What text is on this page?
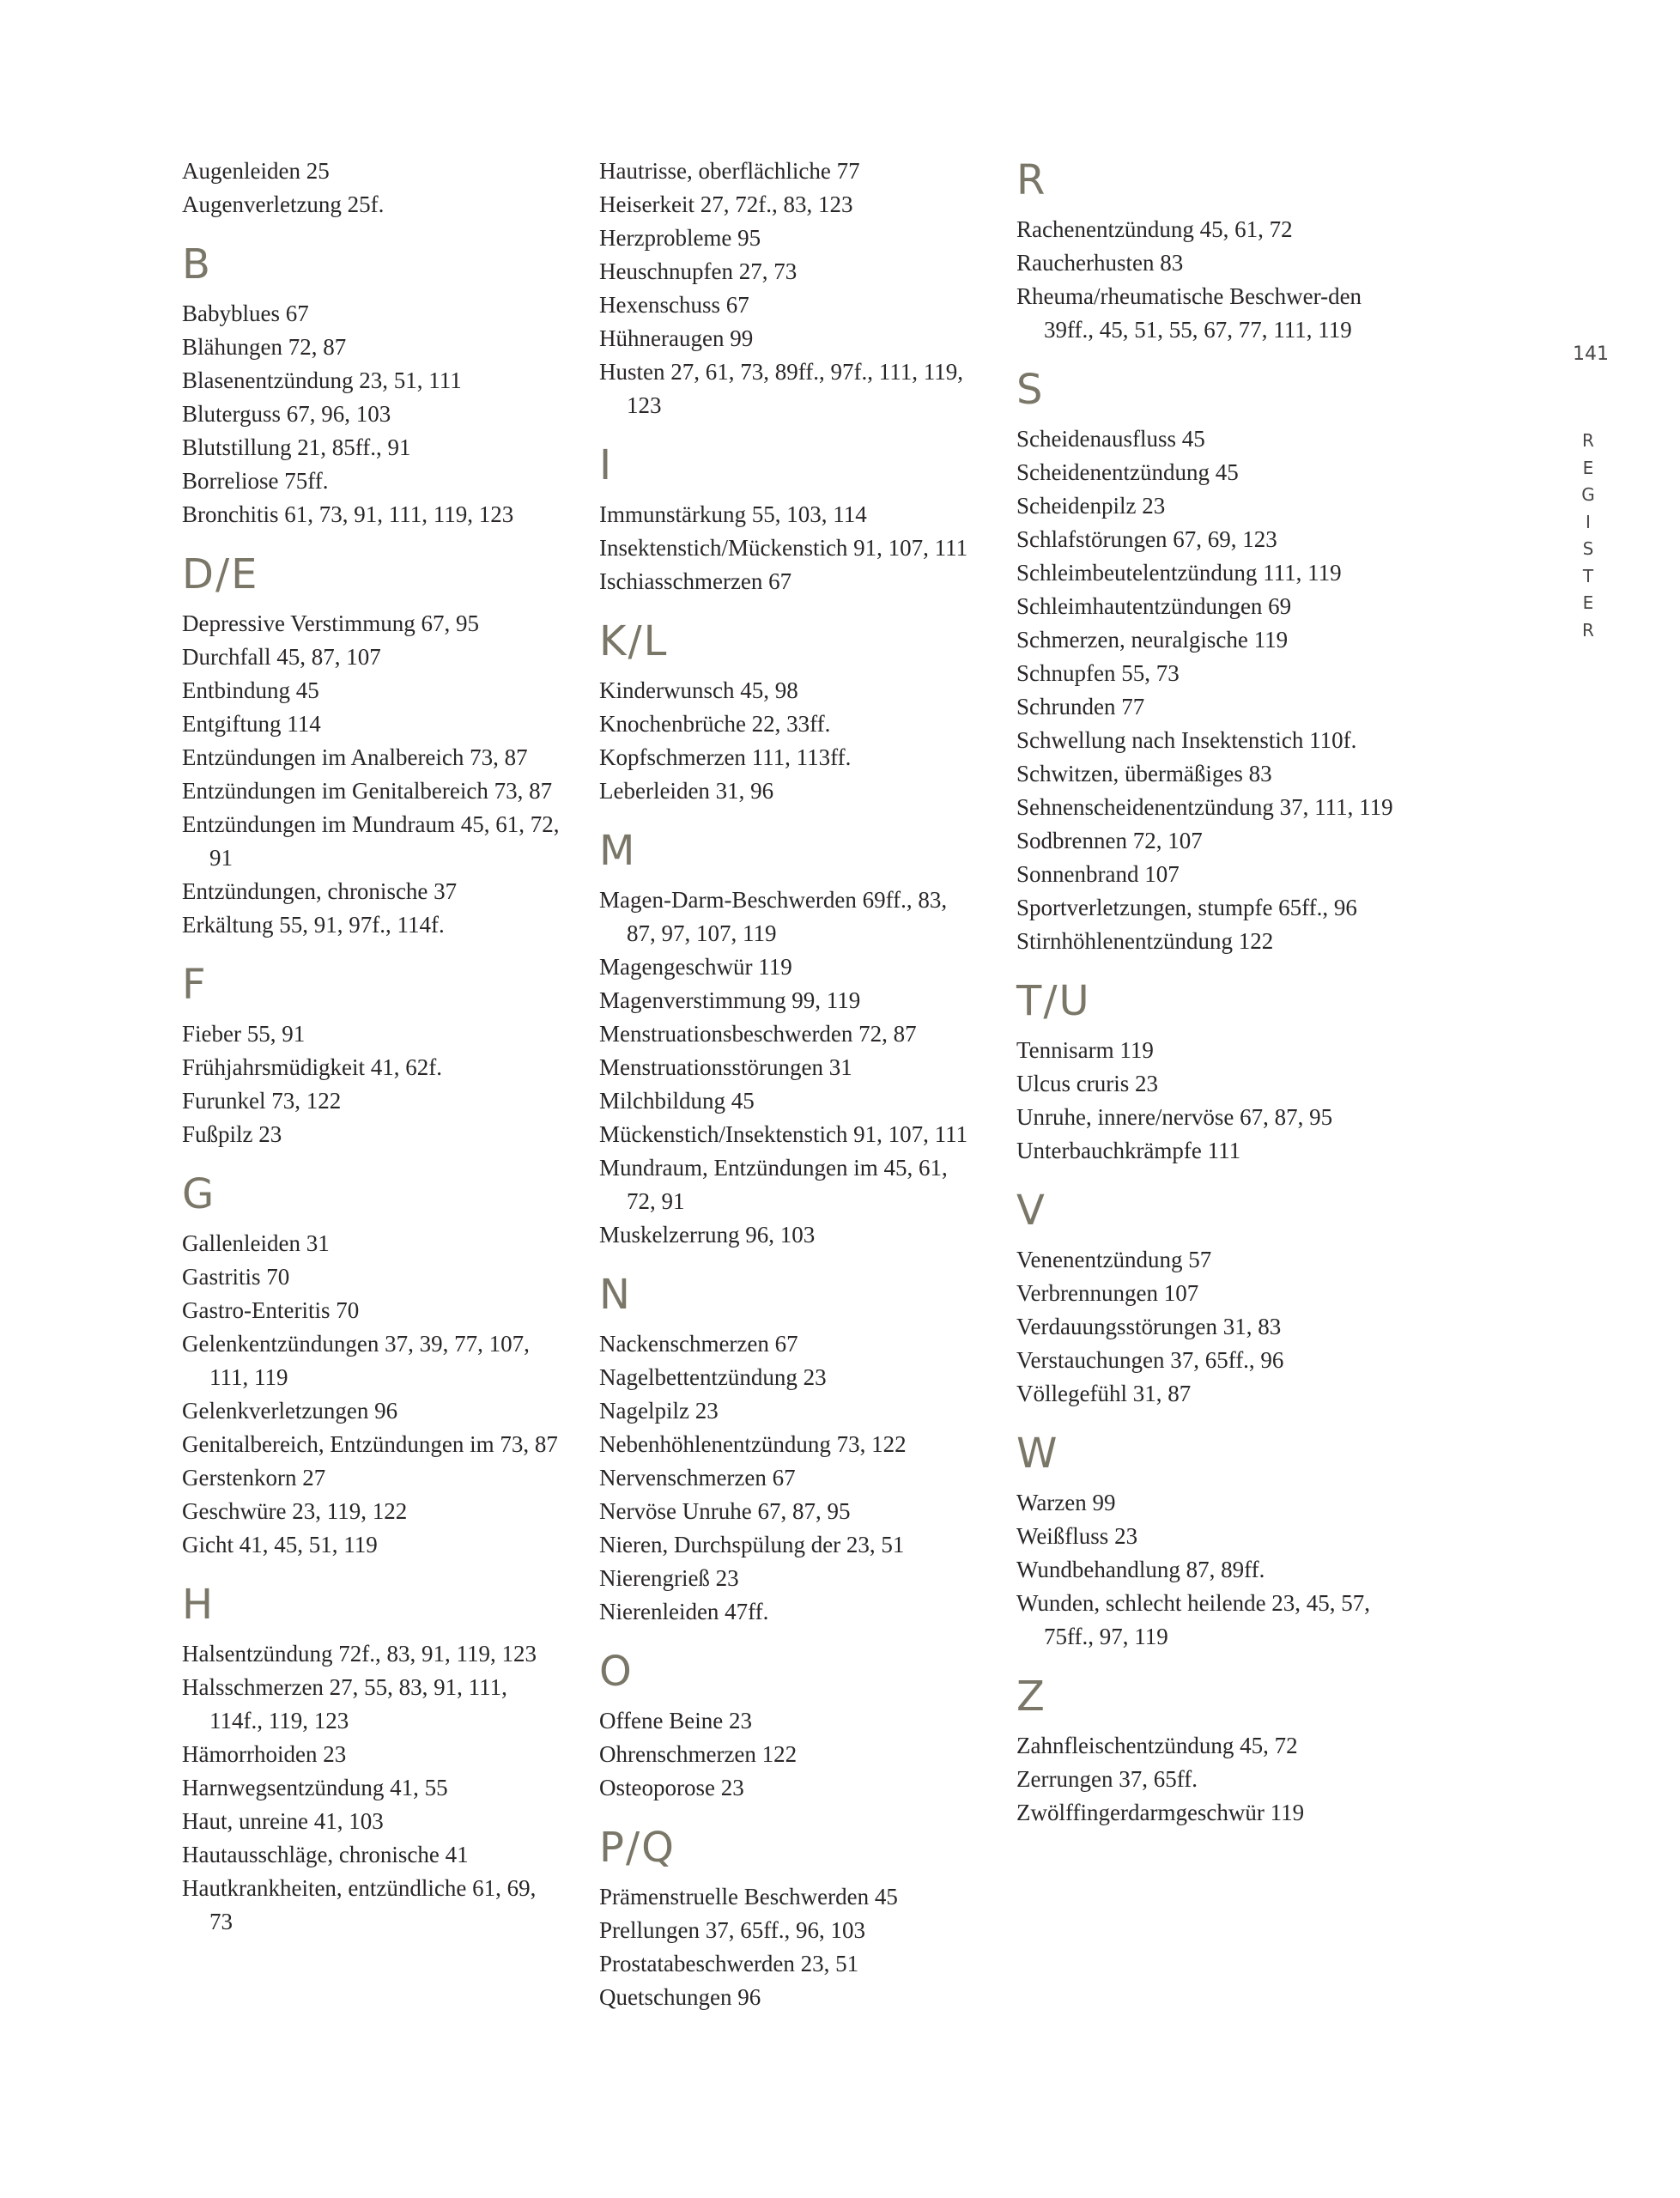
Augenleiden 25
Augenverletzung 25f.
B
Babyblues 67
Blähungen 72, 87
Blasenentzündung 23, 51, 111
Bluterguss 67, 96, 103
Blutstillung 21, 85ff., 91
Borreliose 75ff.
Bronchitis 61, 73, 91, 111, 119, 123
D/E
Depressive Verstimmung 67, 95
Durchfall 45, 87, 107
Entbindung 45
Entgiftung 114
Entzündungen im Analbereich 73, 87
Entzündungen im Genitalbereich 73, 87
Entzündungen im Mundraum 45, 61, 72, 91
Entzündungen, chronische 37
Erkältung 55, 91, 97f., 114f.
F
Fieber 55, 91
Frühjahrsmüdigkeit 41, 62f.
Furunkel 73, 122
Fußpilz 23
G
Gallenleiden 31
Gastritis 70
Gastro-Enteritis 70
Gelenkentzündungen 37, 39, 77, 107, 111, 119
Gelenkverletzungen 96
Genitalbereich, Entzündungen im 73, 87
Gerstenkorn 27
Geschwüre 23, 119, 122
Gicht 41, 45, 51, 119
H
Halsentzündung 72f., 83, 91, 119, 123
Halsschmerzen 27, 55, 83, 91, 111, 114f., 119, 123
Hämorrhoiden 23
Harnwegsentzündung 41, 55
Haut, unreine 41, 103
Hautausschläge, chronische 41
Hautkrankheiten, entzündliche 61, 69, 73
Hautrisse, oberflächliche 77
Heiserkeit 27, 72f., 83, 123
Herzprobleme 95
Heuschnupfen 27, 73
Hexenschuss 67
Hühneraugen 99
Husten 27, 61, 73, 89ff., 97f., 111, 119, 123
I
Immunstärkung 55, 103, 114
Insektenstich/Mückenstich 91, 107, 111
Ischiasschmerzen 67
K/L
Kinderwunsch 45, 98
Knochenbrüche 22, 33ff.
Kopfschmerzen 111, 113ff.
Leberleiden 31, 96
M
Magen-Darm-Beschwerden 69ff., 83, 87, 97, 107, 119
Magengeschwür 119
Magenverstimmung 99, 119
Menstruationsbeschwerden 72, 87
Menstruationsstörungen 31
Milchbildung 45
Mückenstich/Insektenstich 91, 107, 111
Mundraum, Entzündungen im 45, 61, 72, 91
Muskelzerrung 96, 103
N
Nackenschmerzen 67
Nagelbettentzündung 23
Nagelpilz 23
Nebenhöhlenentzündung 73, 122
Nervenschmerzen 67
Nervöse Unruhe 67, 87, 95
Nieren, Durchspülung der 23, 51
Nierengrieß 23
Nierenleiden 47ff.
O
Offene Beine 23
Ohrenschmerzen 122
Osteoporose 23
P/Q
Prämenstruelle Beschwerden 45
Prellungen 37, 65ff., 96, 103
Prostatabeschwerden 23, 51
Quetschungen 96
R
Rachenentzündung 45, 61, 72
Raucherhusten 83
Rheuma/rheumatische Beschwer-den 39ff., 45, 51, 55, 67, 77, 111, 119
S
Scheidenausfluss 45
Scheidenentzündung 45
Scheidenpilz 23
Schlafstörungen 67, 69, 123
Schleimbeutelentzündung 111, 119
Schleimhautentzündungen 69
Schmerzen, neuralgische 119
Schnupfen 55, 73
Schrunden 77
Schwellung nach Insektenstich 110f.
Schwitzen, übermäßiges 83
Sehnenscheidenentzündung 37, 111, 119
Sodbrennen 72, 107
Sonnenbrand 107
Sportverletzungen, stumpfe 65ff., 96
Stirnhöhlenentzündung 122
T/U
Tennisarm 119
Ulcus cruris 23
Unruhe, innere/nervöse 67, 87, 95
Unterbauchkrämpfe 111
V
Venenentzündung 57
Verbrennungen 107
Verdauungsstörungen 31, 83
Verstauchungen 37, 65ff., 96
Völlegefühl 31, 87
W
Warzen 99
Weißfluss 23
Wundbehandlung 87, 89ff.
Wunden, schlecht heilende 23, 45, 57, 75ff., 97, 119
Z
Zahnfleischentzündung 45, 72
Zerrungen 37, 65ff.
Zwölffingerdarmgeschwür 119
141
R
E
G
I
S
T
E
R
